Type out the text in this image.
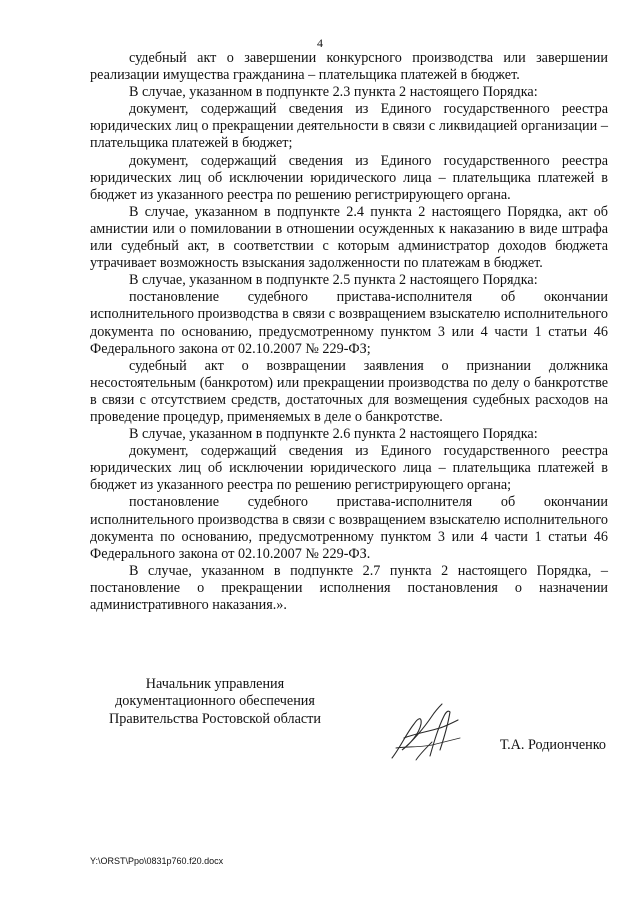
4

судебный акт о завершении конкурсного производства или завершении реализации имущества гражданина – плательщика платежей в бюджет.

В случае, указанном в подпункте 2.3 пункта 2 настоящего Порядка:

документ, содержащий сведения из Единого государственного реестра юридических лиц о прекращении деятельности в связи с ликвидацией организации – плательщика платежей в бюджет;

документ, содержащий сведения из Единого государственного реестра юридических лиц об исключении юридического лица – плательщика платежей в бюджет из указанного реестра по решению регистрирующего органа.

В случае, указанном в подпункте 2.4 пункта 2 настоящего Порядка, акт об амнистии или о помиловании в отношении осужденных к наказанию в виде штрафа или судебный акт, в соответствии с которым администратор доходов бюджета утрачивает возможность взыскания задолженности по платежам в бюджет.

В случае, указанном в подпункте 2.5 пункта 2 настоящего Порядка:

постановление судебного пристава-исполнителя об окончании исполнительного производства в связи с возвращением взыскателю исполнительного документа по основанию, предусмотренному пунктом 3 или 4 части 1 статьи 46 Федерального закона от 02.10.2007 № 229-ФЗ;

судебный акт о возвращении заявления о признании должника несостоятельным (банкротом) или прекращении производства по делу о банкротстве в связи с отсутствием средств, достаточных для возмещения судебных расходов на проведение процедур, применяемых в деле о банкротстве.

В случае, указанном в подпункте 2.6 пункта 2 настоящего Порядка:

документ, содержащий сведения из Единого государственного реестра юридических лиц об исключении юридического лица – плательщика платежей в бюджет из указанного реестра по решению регистрирующего органа;

постановление судебного пристава-исполнителя об окончании исполнительного производства в связи с возвращением взыскателю исполнительного документа по основанию, предусмотренному пунктом 3 или 4 части 1 статьи 46 Федерального закона от 02.10.2007 № 229-ФЗ.

В случае, указанном в подпункте 2.7 пункта 2 настоящего Порядка, – постановление о прекращении исполнения постановления о назначении административного наказания.».

Начальник управления
документационного обеспечения
Правительства Ростовской области
Т.А. Родионченко
Y:\ORST\Ppo\0831p760.f20.docx
